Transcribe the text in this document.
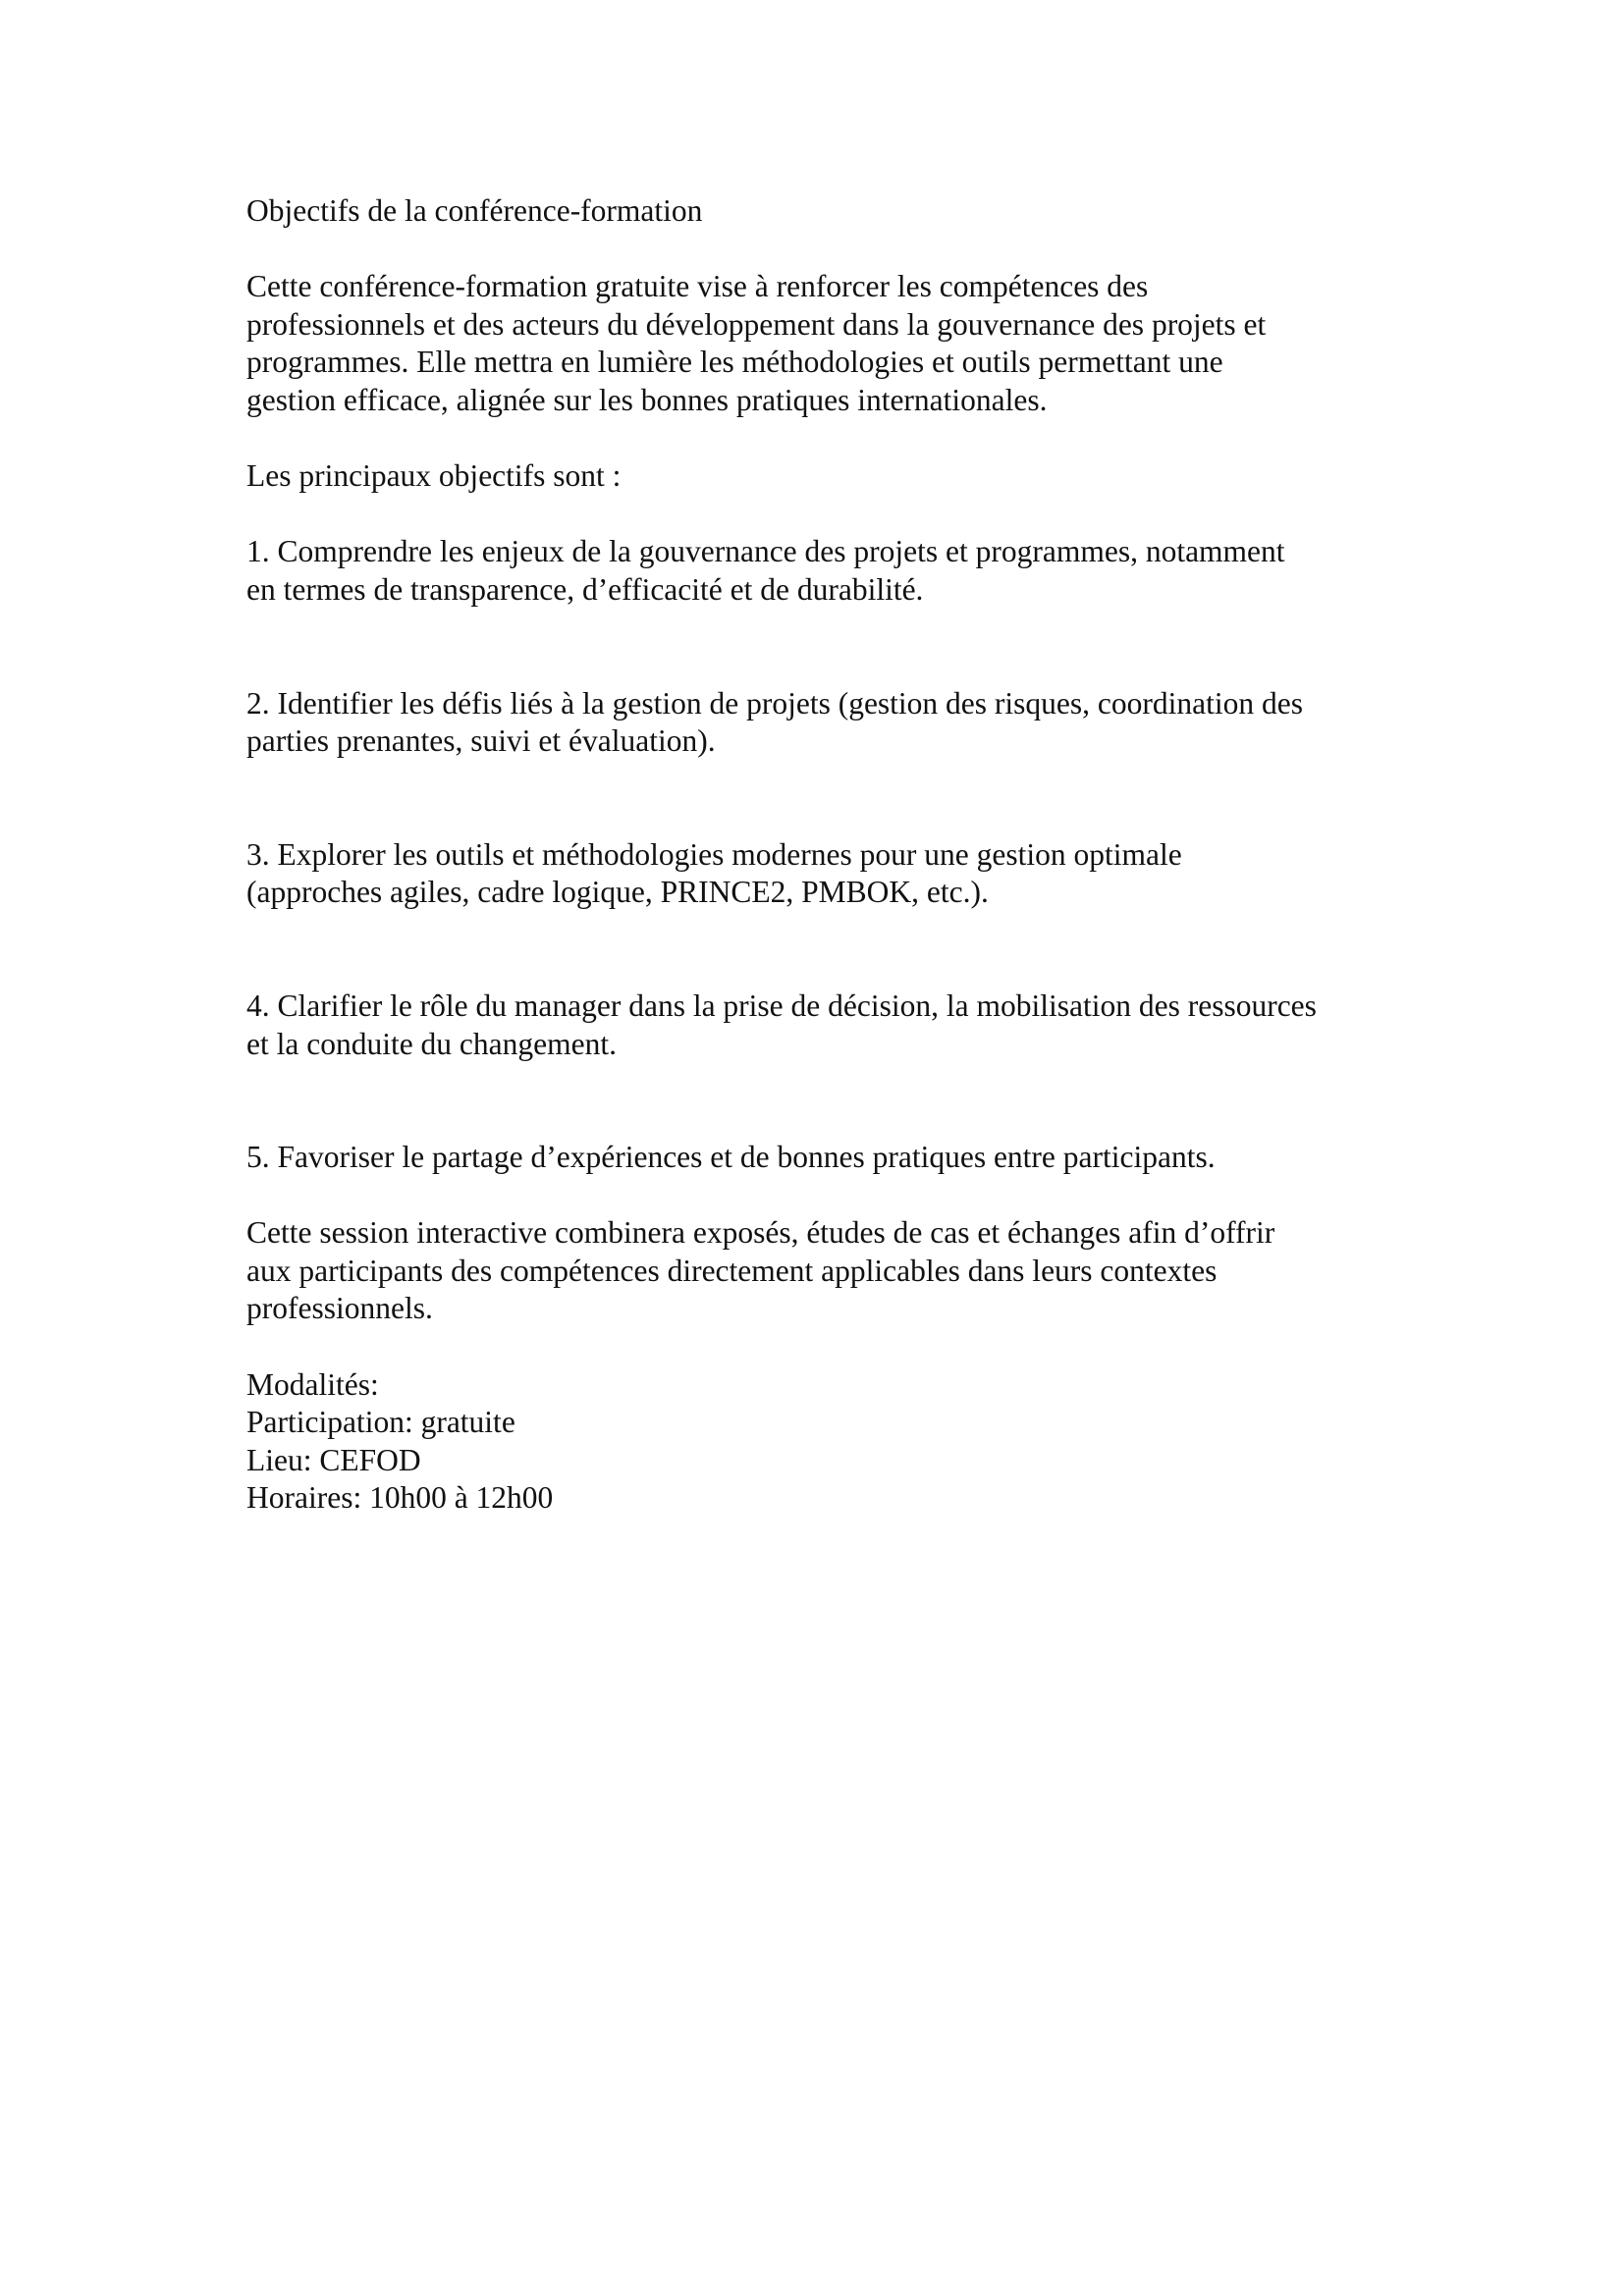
Objectifs de la conférence-formation
Cette conférence-formation gratuite vise à renforcer les compétences des
professionnels et des acteurs du développement dans la gouvernance des projets et
programmes. Elle mettra en lumière les méthodologies et outils permettant une
gestion efficace, alignée sur les bonnes pratiques internationales.
Les principaux objectifs sont :
1. Comprendre les enjeux de la gouvernance des projets et programmes, notamment
en termes de transparence, d’efficacité et de durabilité.
2. Identifier les défis liés à la gestion de projets (gestion des risques, coordination des
parties prenantes, suivi et évaluation).
3. Explorer les outils et méthodologies modernes pour une gestion optimale
(approches agiles, cadre logique, PRINCE2, PMBOK, etc.).
4. Clarifier le rôle du manager dans la prise de décision, la mobilisation des ressources
et la conduite du changement.
5. Favoriser le partage d’expériences et de bonnes pratiques entre participants.
Cette session interactive combinera exposés, études de cas et échanges afin d’offrir
aux participants des compétences directement applicables dans leurs contextes
professionnels.
Modalités:
Participation: gratuite
Lieu: CEFOD
Horaires: 10h00 à 12h00
